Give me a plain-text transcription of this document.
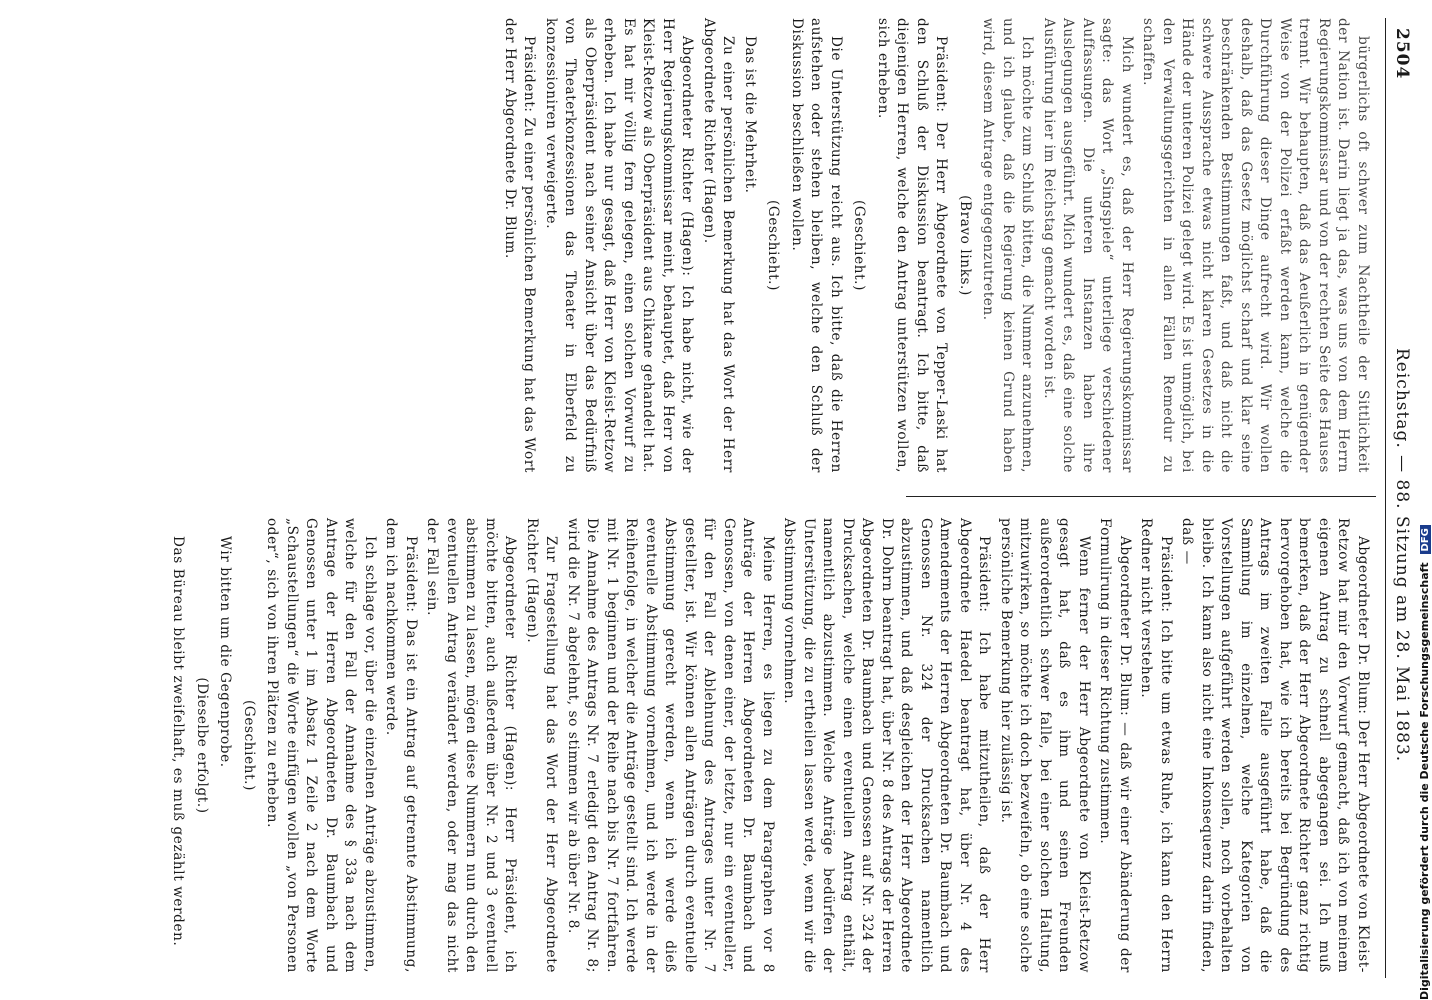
2504
Reichstag. — 88. Sitzung am 28. Mai 1883.

bürgerlichs oft schwer zum Nachtheile der Sittlichkeit der Nation ist. Darin liegt ja das, was uns von dem Herrn Regierungskommissar und von der rechten Seite des Hauses trennt. Wir behaupten, daß das Aeußerlich in genügender Weise von der Polizei erfaßt werden kann, welche die Durchführung dieser Dinge aufrecht wird. Wir wollen deshalb, daß das Gesetz möglichst scharf und klar seine beschränkenden Bestimmungen faßt, und daß nicht die schwere Aussprache etwas nicht klaren Gesetzes in die Hände der unteren Polizei gelegt wird. Es ist unmöglich, bei den Verwaltungsgerichten in allen Fällen Remedur zu schaffen.

Mich wundert es, daß der Herr Regierungskommissar sagte: das Wort „Singspiele“ unterliege verschiedener Auffassungen. Die unteren Instanzen haben ihre Auslegungen ausgeführt. Mich wundert es, daß eine solche Ausführung hier im Reichstag gemacht worden ist.

Ich möchte zum Schluß bitten, die Nummer anzunehmen, und ich glaube, daß die Regierung keinen Grund haben wird, diesem Antrage entgegenzutreten.

(Bravo links.)

Präsident: Der Herr Abgeordnete von Tepper-Laski hat den Schluß der Diskussion beantragt. Ich bitte, daß diejenigen Herren, welche den Antrag unterstützen wollen, sich erheben.

(Geschieht.)

Die Unterstützung reicht aus. Ich bitte, daß die Herren aufstehen oder stehen bleiben, welche den Schluß der Diskussion beschließen wollen.

(Geschieht.)

Das ist die Mehrheit.

Zu einer persönlichen Bemerkung hat das Wort der Herr Abgeordnete Richter (Hagen).

Abgeordneter Richter (Hagen): Ich habe nicht, wie der Herr Regierungskommissar meint, behauptet, daß Herr von Kleist-Retzow als Oberpräsident aus Chikane gehandelt hat. Es hat mir völlig fern gelegen, einen solchen Vorwurf zu erheben. Ich habe nur gesagt, daß Herr von Kleist-Retzow als Oberpräsident nach seiner Ansicht über das Bedürfniß von Theaterkonzessionen das Theater in Elberfeld zu konzessioniren verweigerte.

Präsident: Zu einer persönlichen Bemerkung hat das Wort der Herr Abgeordnete Dr. Blum.

Abgeordneter Dr. Blum: Der Herr Abgeordnete von Kleist-Retzow hat mir den Vorwurf gemacht, daß ich von meinem eigenen Antrag zu schnell abgegangen sei. Ich muß bemerken, daß der Herr Abgeordnete Richter ganz richtig hervorgehoben hat, wie ich bereits bei Begründung des Antrags im zweiten Falle ausgeführt habe, daß die Sammlung im einzelnen, welche Kategorien von Vorstellungen aufgeführt werden sollen, noch vorbehalten bleibe. Ich kann also nicht eine Inkonsequenz darin finden, daß —

Präsident: Ich bitte um etwas Ruhe, ich kann den Herrn Redner nicht verstehen.

Abgeordneter Dr. Blum: — daß wir einer Abänderung der Formulirung in dieser Richtung zustimmen.

Wenn ferner der Herr Abgeordnete von Kleist-Retzow gesagt hat, daß es ihm und seinen Freunden außerordentlich schwer falle, bei einer solchen Haltung, mitzuwirken, so möchte ich doch bezweifeln, ob eine solche persönliche Bemerkung hier zulässig ist.

Präsident: Ich habe mitzutheilen, daß der Herr Abgeordnete Haedel beantragt hat, über Nr. 4 des Amendements der Herren Abgeordneten Dr. Baumbach und Genossen Nr. 324 der Drucksachen namentlich abzustimmen, und daß desgleichen der Herr Abgeordnete Dr. Dohrn beantragt hat, über Nr. 8 des Antrags der Herren Abgeordneten Dr. Baumbach und Genossen auf Nr. 324 der Drucksachen, welche einen eventuellen Antrag enthält, namentlich abzustimmen. Welche Anträge bedürfen der Unterstützung, die zu ertheilen lassen werde, wenn wir die Abstimmung vornehmen.

Meine Herren, es liegen zu dem Paragraphen vor 8 Anträge der Herren Abgeordneten Dr. Baumbach und Genossen, von denen einer, der letzte, nur ein eventueller, für den Fall der Ablehnung des Antrages unter Nr. 7 gestellter, ist. Wir können allen Anträgen durch eventuelle Abstimmung gerecht werden, wenn ich werde dieß eventuelle Abstimmung vornehmen, und ich werde in der Reihenfolge, in welcher die Anträge gestellt sind. Ich werde mit Nr. 1 beginnen und der Reihe nach bis Nr. 7 fortfahren. Die Annahme des Antrags Nr. 7 erledigt den Antrag Nr. 8; wird die Nr. 7 abgelehnt, so stimmen wir ab über Nr. 8.

Zur Fragestellung hat das Wort der Herr Abgeordnete Richter (Hagen).

Abgeordneter Richter (Hagen): Herr Präsident, ich möchte bitten, auch außerdem über Nr. 2 und 3 eventuell abstimmen zu lassen, mögen diese Nummern nun durch den eventuellen Antrag verändert werden, oder mag das nicht der Fall sein.

Präsident: Das ist ein Antrag auf getrennte Abstimmung, dem ich nachkommen werde.

Ich schlage vor, über die einzelnen Anträge abzustimmen, welche für den Fall der Annahme des § 33a nach dem Antrage der Herren Abgeordneten Dr. Baumbach und Genossen unter 1 im Absatz 1 Zeile 2 nach dem Worte „Schaustellungen“ die Worte einfügen wollen „von Personen oder“, sich von ihren Plätzen zu erheben.

(Geschieht.)

Wir bitten um die Gegenprobe.

(Dieselbe erfolgt.)

Das Büreau bleibt zweifelhaft, es muß gezählt werden.	Digitalisierung gefördert durch die Deutsche Forschungsgemeinschaft DFG
